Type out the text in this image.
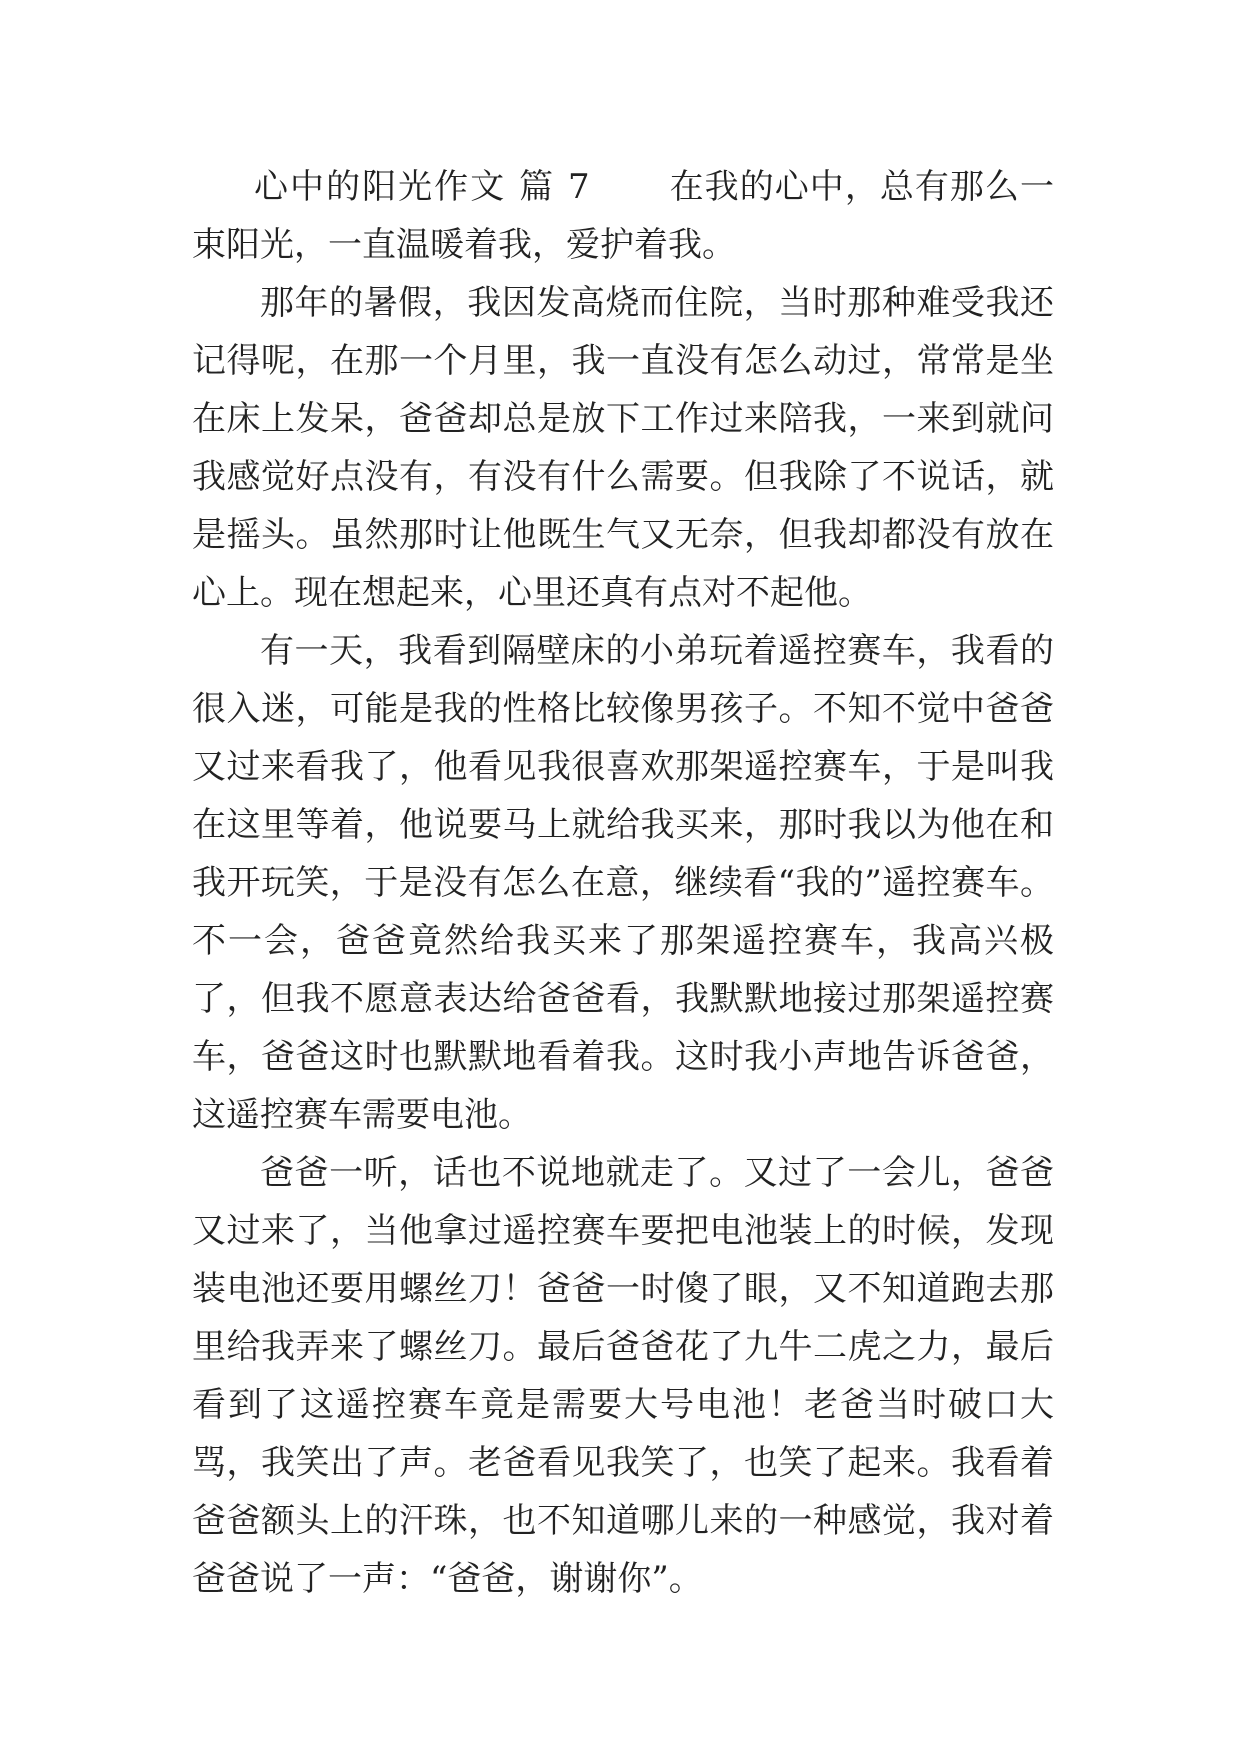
心中的阳光作文 篇 7 在我的心中，总有那么一束阳光，一直温暖着我，爱护着我。

那年的暑假，我因发高烧而住院，当时那种难受我还记得呢，在那一个月里，我一直没有怎么动过，常常是坐在床上发呆，爸爸却总是放下工作过来陪我，一来到就问我感觉好点没有，有没有什么需要。但我除了不说话，就是摇头。虽然那时让他既生气又无奈，但我却都没有放在心上。现在想起来，心里还真有点对不起他。

有一天，我看到隔壁床的小弟玩着遥控赛车，我看的很入迷，可能是我的性格比较像男孩子。不知不觉中爸爸又过来看我了，他看见我很喜欢那架遥控赛车，于是叫我在这里等着，他说要马上就给我买来，那时我以为他在和我开玩笑，于是没有怎么在意，继续看“我的”遥控赛车。不一会，爸爸竟然给我买来了那架遥控赛车，我高兴极了，但我不愿意表达给爸爸看，我默默地接过那架遥控赛车，爸爸这时也默默地看着我。这时我小声地告诉爸爸，这遥控赛车需要电池。

爸爸一听，话也不说地就走了。又过了一会儿，爸爸又过来了，当他拿过遥控赛车要把电池装上的时候，发现装电池还要用螺丝刀！爸爸一时傻了眼，又不知道跑去那里给我弄来了螺丝刀。最后爸爸花了九牛二虎之力，最后看到了这遥控赛车竟是需要大号电池！老爸当时破口大骂，我笑出了声。老爸看见我笑了，也笑了起来。我看着爸爸额头上的汗珠，也不知道哪儿来的一种感觉，我对着爸爸说了一声：“爸爸，谢谢你”。
